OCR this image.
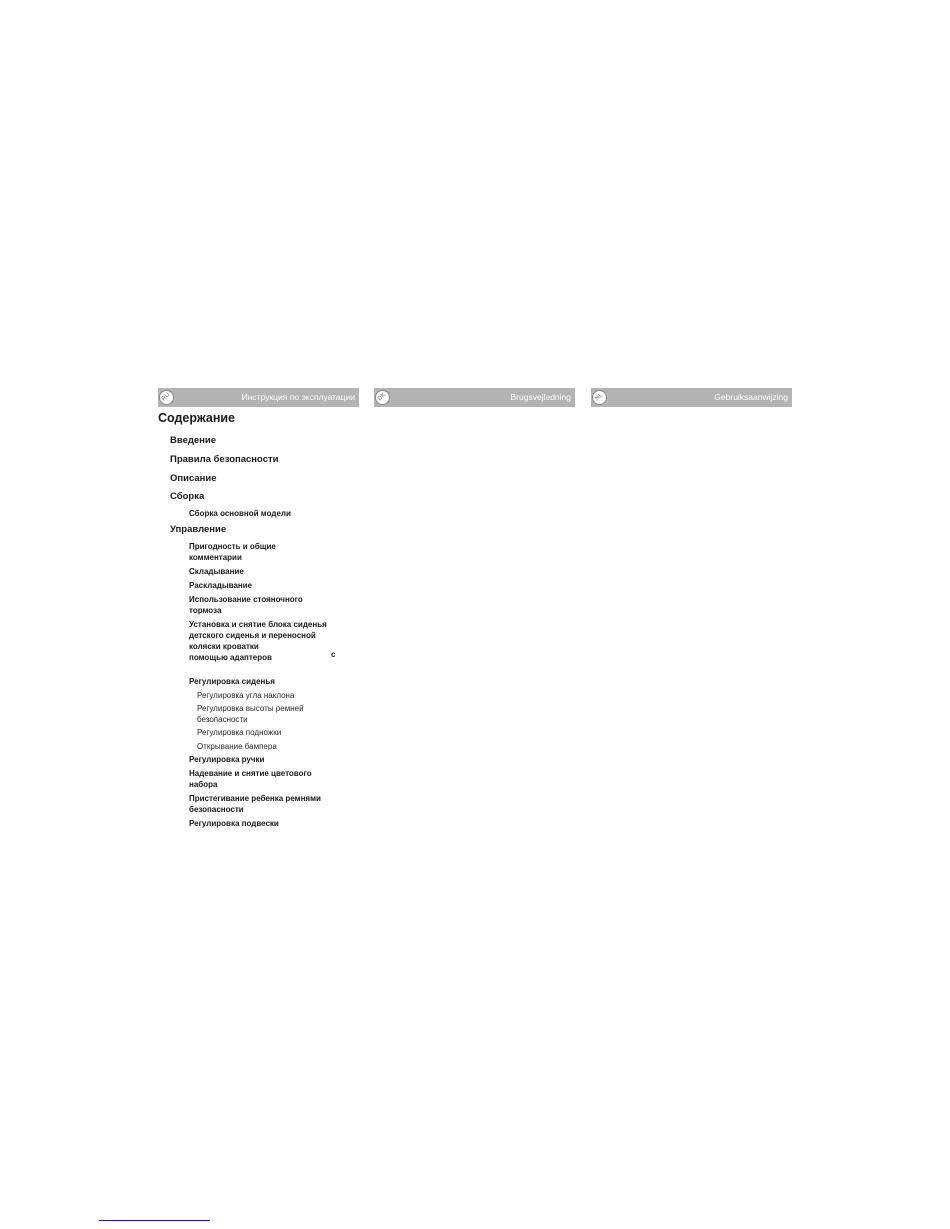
RU	Инструкция по эксплуатации	DK	Brugsvejledning	NL	Gebruiksaanwijzing
Содержание

Введение

Правила безопасности

Описание

Сборка

Сборка основной модели

Управление

Пригодность и общие

комментарии

Складывание

Раскладывание

Использование стояночного

тормоза

Установка и снятие блока сиденья

детского сиденья и переносной

коляски кроватки

с

помощью адаптеров

Регулировка сиденья

Регулировка угла наклона

Регулировка высоты ремней

безопасности

Регулировка подножки

Открывание бампера

Регулировка ручки

Надевание и снятие цветового

набора

Пристегивание ребенка ремнями

безопасности

Регулировка подвески
